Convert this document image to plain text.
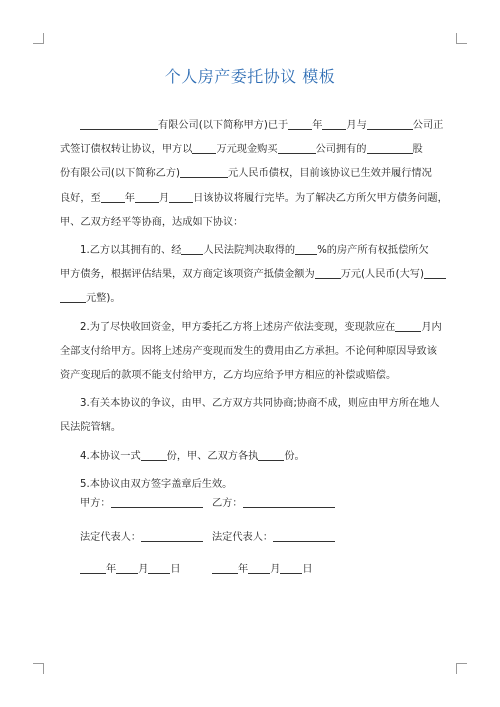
个人房产委托协议 模板

有限公司(以下简称甲方)已于 年 月与	公司正

式签订债权转让协议，甲方以 万元现金购买	公司拥有的	股

份有限公司(以下简称乙方)	元人民币债权，目前该协议已生效并履行情况

良好，至 年 月 日该协议将履行完毕。为了解决乙方所欠甲方债务问题，

甲、乙双方经平等协商，达成如下协议：

1.乙方以其拥有的、经 人民法院判决取得的 %的房产所有权抵偿所欠

甲方债务，根据评估结果，双方商定该项资产抵债金额为	万元(人民币(大写)

元整)。

2.为了尽快收回资金，甲方委托乙方将上述房产依法变现，变现款应在	月内

全部支付给甲方。因将上述房产变现而发生的费用由乙方承担。不论何种原因导致该

资产变现后的款项不能支付给甲方，乙方均应给予甲方相应的补偿或赔偿。

3.有关本协议的争议，由甲、乙方双方共同协商;协商不成，则应由甲方所在地人

民法院管辖。

4.本协议一式	份，甲、乙双方各执	份。

5.本协议由双方签字盖章后生效。

甲方：	乙方：
法定代表人：	法定代表人：
年 月 日	年 月 日
